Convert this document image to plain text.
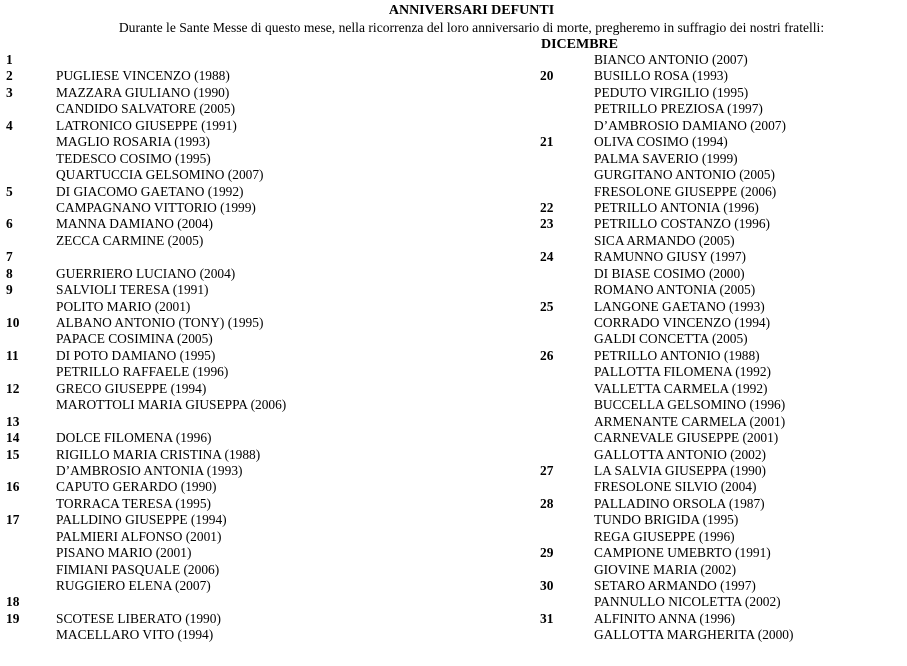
ANNIVERSARI DEFUNTI
Durante le Sante Messe di questo mese, nella ricorrenza del loro anniversario di morte, pregheremo in suffragio dei nostri fratelli:
DICEMBRE
1
2	PUGLIESE VINCENZO (1988)
3	MAZZARA GIULIANO (1990)
CANDIDO SALVATORE (2005)
4	LATRONICO GIUSEPPE (1991)
MAGLIO ROSARIA (1993)
TEDESCO COSIMO (1995)
QUARTUCCIA GELSOMINO (2007)
5	DI GIACOMO GAETANO (1992)
CAMPAGNANO VITTORIO (1999)
6	MANNA DAMIANO (2004)
ZECCA CARMINE (2005)
7
8	GUERRIERO LUCIANO (2004)
9	SALVIOLI TERESA (1991)
POLITO MARIO (2001)
10	ALBANO ANTONIO (TONY) (1995)
PAPACE COSIMINA (2005)
11	DI POTO DAMIANO (1995)
PETRILLO RAFFAELE (1996)
12	GRECO GIUSEPPE (1994)
MAROTTOLI MARIA GIUSEPPA (2006)
13
14	DOLCE FILOMENA (1996)
15	RIGILLO MARIA CRISTINA (1988)
D’AMBROSIO ANTONIA (1993)
16	CAPUTO GERARDO (1990)
TORRACA TERESA (1995)
17	PALLDINO GIUSEPPE (1994)
PALMIERI ALFONSO (2001)
PISANO MARIO (2001)
FIMIANI PASQUALE (2006)
RUGGIERO ELENA (2007)
18
19	SCOTESE LIBERATO (1990)
MACELLARO VITO (1994)
BIANCO ANTONIO (2007)
20	BUSILLO ROSA (1993)
PEDUTO VIRGILIO (1995)
PETRILLO PREZIOSA (1997)
D’AMBROSIO DAMIANO (2007)
21	OLIVA COSIMO (1994)
PALMA SAVERIO (1999)
GURGITANO ANTONIO (2005)
FRESOLONE GIUSEPPE (2006)
22	PETRILLO ANTONIA (1996)
23	PETRILLO COSTANZO (1996)
SICA ARMANDO (2005)
24	RAMUNNO GIUSY (1997)
DI BIASE COSIMO (2000)
ROMANO ANTONIA (2005)
25	LANGONE GAETANO (1993)
CORRADO VINCENZO (1994)
GALDI CONCETTA (2005)
26	PETRILLO ANTONIO (1988)
PALLOTTA FILOMENA (1992)
VALLETTA CARMELA (1992)
BUCCELLA GELSOMINO (1996)
ARMENANTE CARMELA (2001)
CARNEVALE GIUSEPPE (2001)
GALLOTTA ANTONIO (2002)
27	LA SALVIA GIUSEPPA (1990)
FRESOLONE SILVIO (2004)
28	PALLADINO ORSOLA (1987)
TUNDO BRIGIDA (1995)
REGA GIUSEPPE (1996)
29	CAMPIONE UMEBRTO (1991)
GIOVINE MARIA (2002)
30	SETARO ARMANDO (1997)
PANNULLO NICOLETTA (2002)
31	ALFINITO ANNA (1996)
GALLOTTA MARGHERITA (2000)
